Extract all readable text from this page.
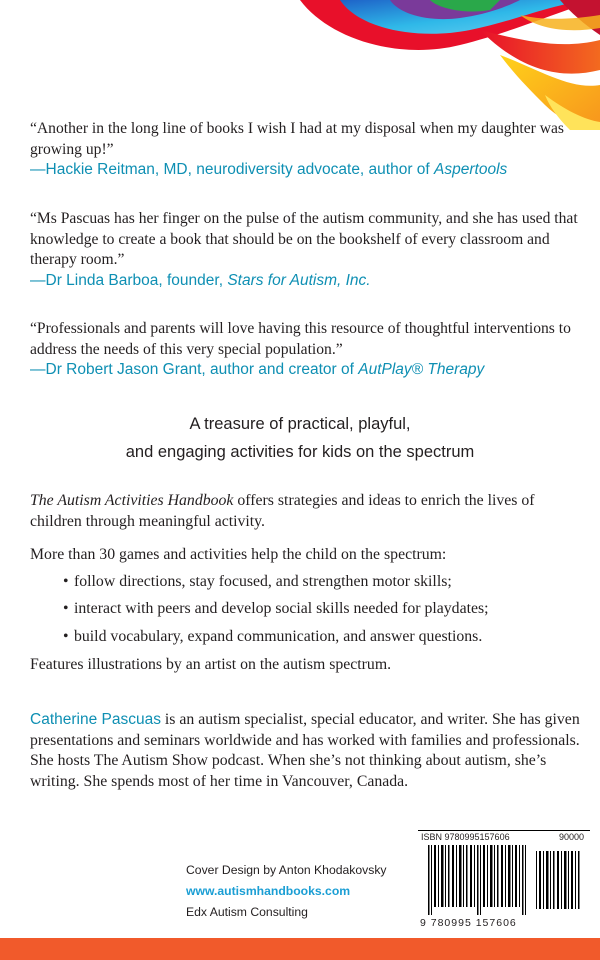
“Another in the long line of books I wish I had at my disposal when my daughter was growing up!”
—Hackie Reitman, MD, neurodiversity advocate, author of Aspertools
“Ms Pascuas has her finger on the pulse of the autism community, and she has used that knowledge to create a book that should be on the bookshelf of every classroom and therapy room.”
—Dr Linda Barboa, founder, Stars for Autism, Inc.
“Professionals and parents will love having this resource of thoughtful interventions to address the needs of this very special population.”
—Dr Robert Jason Grant, author and creator of AutPlay® Therapy
A treasure of practical, playful,
and engaging activities for kids on the spectrum
The Autism Activities Handbook offers strategies and ideas to enrich the lives of children through meaningful activity.
More than 30 games and activities help the child on the spectrum:
• follow directions, stay focused, and strengthen motor skills;
• interact with peers and develop social skills needed for playdates;
• build vocabulary, expand communication, and answer questions.
Features illustrations by an artist on the autism spectrum.
Catherine Pascuas is an autism specialist, special educator, and writer. She has given presentations and seminars worldwide and has worked with families and professionals. She hosts The Autism Show podcast. When she’s not thinking about autism, she’s writing. She spends most of her time in Vancouver, Canada.
Cover Design by Anton Khodakovsky
www.autismhandbooks.com
Edx Autism Consulting
ISBN 9780995157606	90000
9 780995 157606
